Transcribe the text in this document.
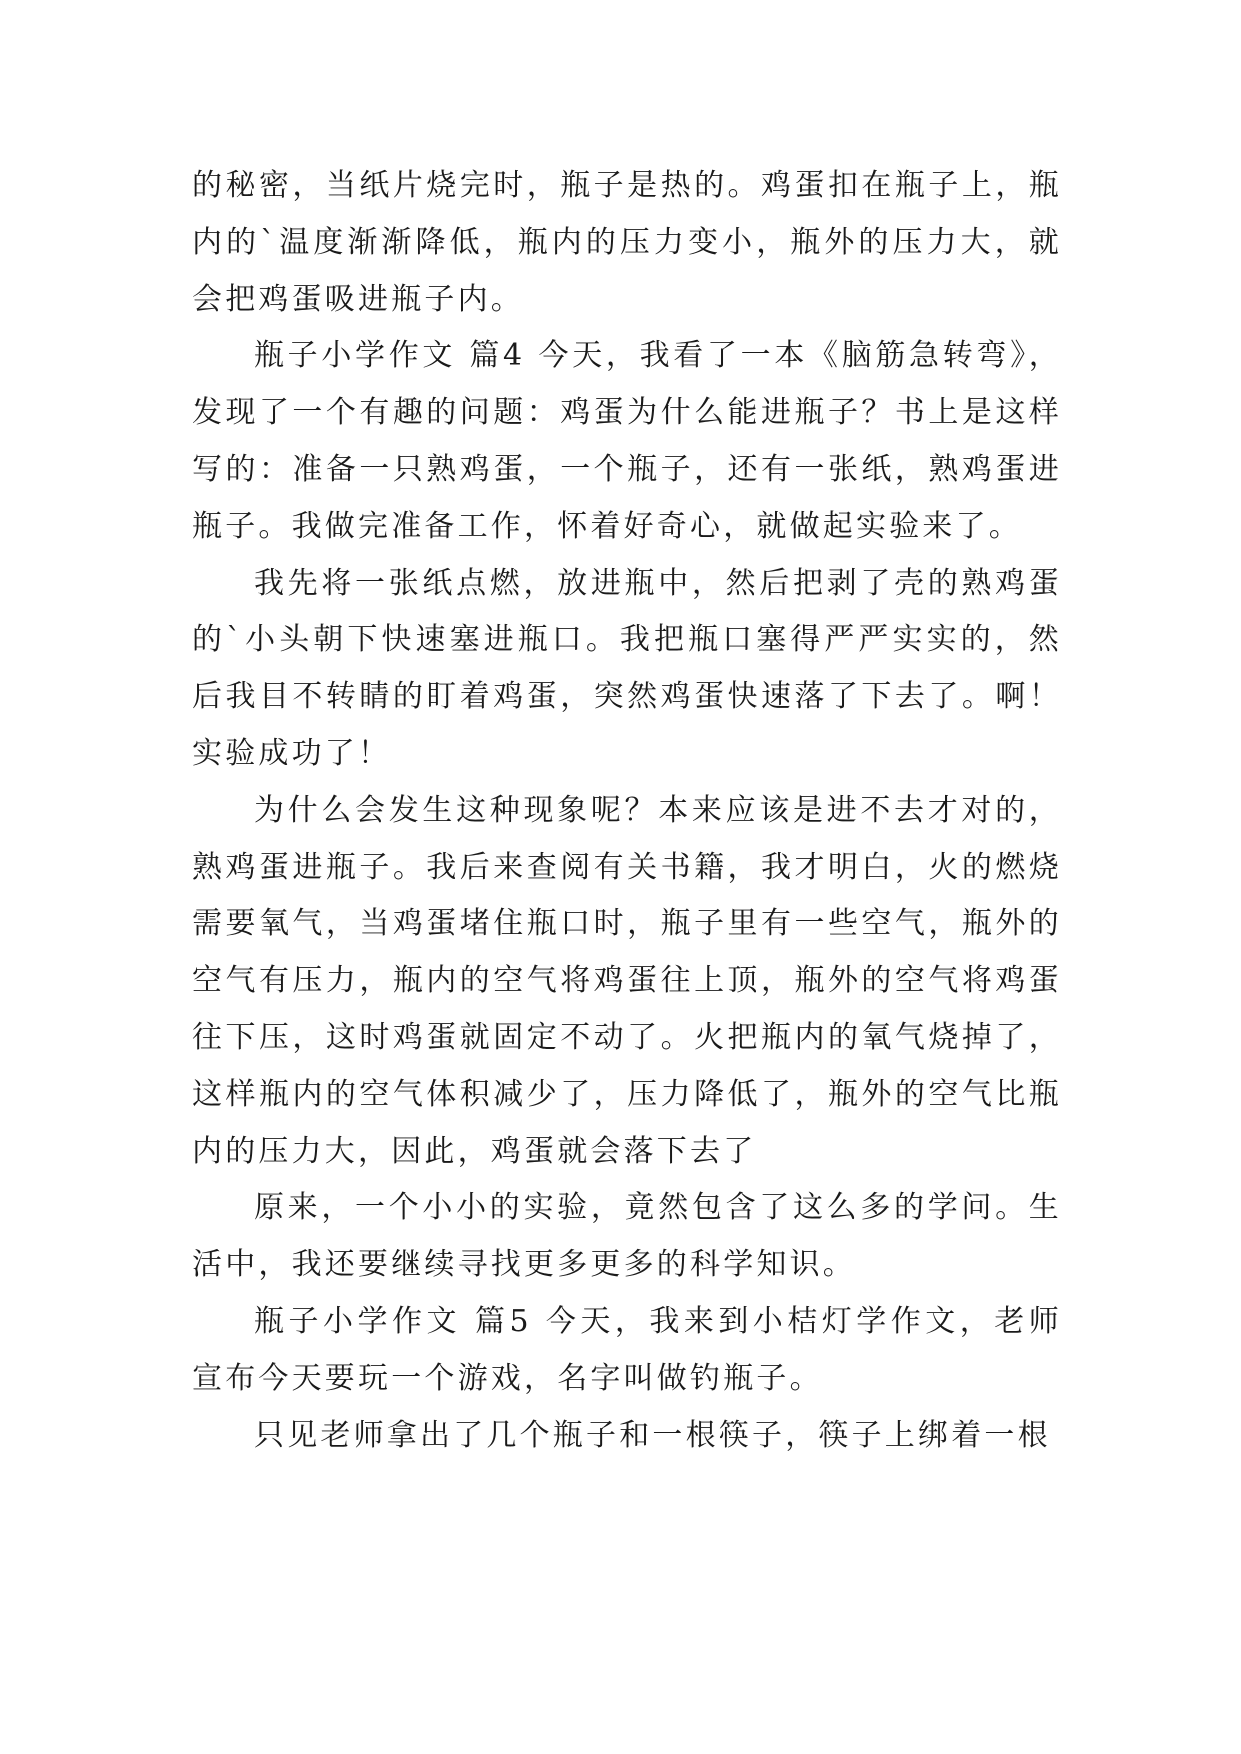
的秘密，当纸片烧完时，瓶子是热的。鸡蛋扣在瓶子上，瓶内的`温度渐渐降低，瓶内的压力变小，瓶外的压力大，就会把鸡蛋吸进瓶子内。

瓶子小学作文 篇4 今天，我看了一本《脑筋急转弯》，发现了一个有趣的问题：鸡蛋为什么能进瓶子？书上是这样写的：准备一只熟鸡蛋，一个瓶子，还有一张纸，熟鸡蛋进瓶子。我做完准备工作，怀着好奇心，就做起实验来了。

我先将一张纸点燃，放进瓶中，然后把剥了壳的熟鸡蛋的`小头朝下快速塞进瓶口。我把瓶口塞得严严实实的，然后我目不转睛的盯着鸡蛋，突然鸡蛋快速落了下去了。啊！实验成功了！

为什么会发生这种现象呢？本来应该是进不去才对的，熟鸡蛋进瓶子。我后来查阅有关书籍，我才明白，火的燃烧需要氧气，当鸡蛋堵住瓶口时，瓶子里有一些空气，瓶外的空气有压力，瓶内的空气将鸡蛋往上顶，瓶外的空气将鸡蛋往下压，这时鸡蛋就固定不动了。火把瓶内的氧气烧掉了，这样瓶内的空气体积减少了，压力降低了，瓶外的空气比瓶内的压力大，因此，鸡蛋就会落下去了

原来，一个小小的实验，竟然包含了这么多的学问。生活中，我还要继续寻找更多更多的科学知识。

瓶子小学作文 篇5 今天，我来到小桔灯学作文，老师宣布今天要玩一个游戏，名字叫做钓瓶子。

只见老师拿出了几个瓶子和一根筷子，筷子上绑着一根
